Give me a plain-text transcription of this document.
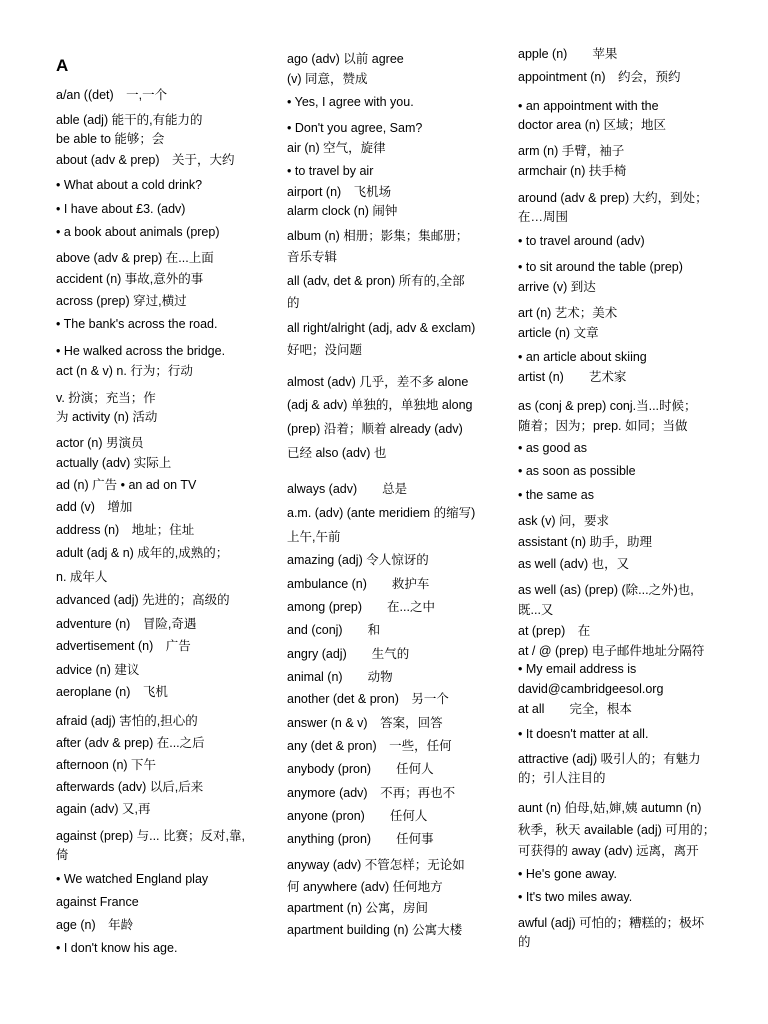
A
a/an ((det)　一,一个
able (adj) 能干的,有能力的
be able to 能够；会
about (adv & prep)　关于，大约
• What about a cold drink?
• I have about £3. (adv)
• a book about animals (prep)
above (adv & prep) 在...上面
accident (n) 事故,意外的事
across (prep) 穿过,横过
• The bank's across the road.
• He walked across the bridge.
act (n & v) n. 行为；行动
v. 扮演；充当；作
为 activity (n) 活动
actor (n) 男演员
actually (adv) 实际上
ad (n) 广告 • an ad on TV
add (v)　增加
address (n)　地址；住址
adult (adj & n) 成年的,成熟的；
n. 成年人
advanced (adj) 先进的；高级的
adventure (n)　冒险,奇遇
advertisement (n)　广告
advice (n) 建议
aeroplane (n)　飞机
afraid (adj) 害怕的,担心的
after (adv & prep) 在...之后
afternoon (n) 下午
afterwards (adv) 以后,后来
again (adv) 又,再
against (prep) 与... 比赛；反对,靠,
倚
• We watched England play
against France
age (n)　年龄
• I don't know his age.
ago (adv) 以前 agree
(v) 同意，赞成
• Yes, I agree with you.
• Don't you agree, Sam?
air (n) 空气，旋律
• to travel by air
airport (n)　飞机场
alarm clock (n) 闹钟
album (n) 相册；影集；集邮册；
音乐专辑
all (adv, det & pron) 所有的,全部
的
all right/alright (adj, adv & exclam)
好吧；没问题
almost (adv) 几乎，差不多 alone
(adj & adv) 单独的，单独地 along
(prep) 沿着；顺着 already (adv)
已经 also (adv) 也
always (adv)　　总是
a.m. (adv) (ante meridiem 的缩写)
上午,午前
amazing (adj) 令人惊讶的
ambulance (n)　　救护车
among (prep)　　在...之中
and (conj)　　和
angry (adj)　　生气的
animal (n)　　动物
another (det & pron)　另一个
answer (n & v)　答案，回答
any (det & pron)　一些，任何
anybody (pron)　　任何人
anymore (adv)　不再；再也不
anyone (pron)　　任何人
anything (pron)　　任何事
anyway (adv) 不管怎样；无论如
何 anywhere (adv) 任何地方
apartment (n) 公寓，房间
apartment building (n) 公寓大楼
apple (n)　　苹果
appointment (n)　约会，预约
• an appointment with the
doctor area (n) 区域；地区
arm (n) 手臂，袖子
armchair (n) 扶手椅
around (adv & prep) 大约，到处；
在…周围
• to travel around (adv)
• to sit around the table (prep)
arrive (v) 到达
art (n) 艺术；美术
article (n) 文章
• an article about skiing
artist (n)　　艺术家
as (conj & prep) conj.当...时候；
随着；因为；prep. 如同；当做
• as good as
• as soon as possible
• the same as
ask (v) 问，要求
assistant (n) 助手，助理
as well (adv) 也，又
as well (as) (prep) (除...之外)也,
既...又
at (prep)　在
at / @ (prep) 电子邮件地址分隔符
• My email address is
david@cambridgeesol.org
at all　　完全，根本
• It doesn't matter at all.
attractive (adj) 吸引人的；有魅力
的；引人注目的
aunt (n) 伯母,姑,婶,姨 autumn (n)
秋季，秋天 available (adj) 可用的；
可获得的 away (adv) 远离，离开
• He's gone away.
• It's two miles away.
awful (adj) 可怕的；糟糕的；极坏
的
